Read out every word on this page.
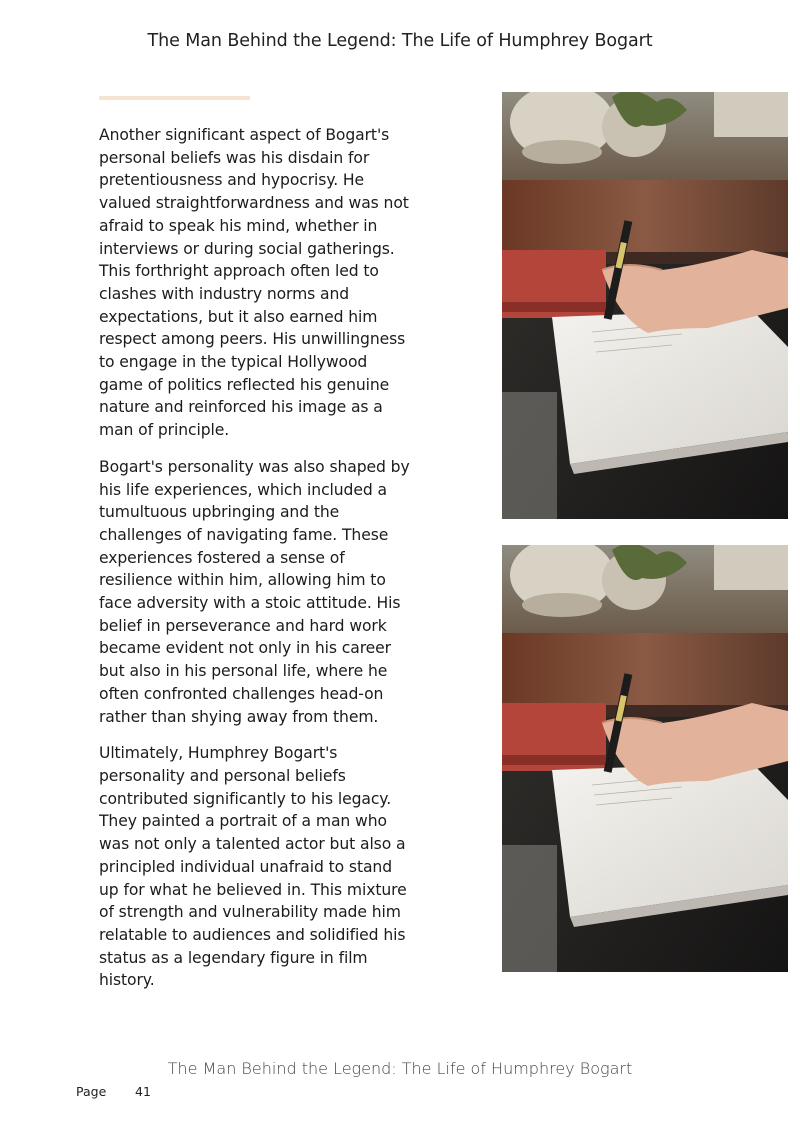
The Man Behind the Legend: The Life of Humphrey Bogart

Another significant aspect of Bogart's personal beliefs was his disdain for pretentiousness and hypocrisy. He valued straightforwardness and was not afraid to speak his mind, whether in interviews or during social gatherings. This forthright approach often led to clashes with industry norms and expectations, but it also earned him respect among peers. His unwillingness to engage in the typical Hollywood game of politics reflected his genuine nature and reinforced his image as a man of principle.

Bogart's personality was also shaped by his life experiences, which included a tumultuous upbringing and the challenges of navigating fame. These experiences fostered a sense of resilience within him, allowing him to face adversity with a stoic attitude. His belief in perseverance and hard work became evident not only in his career but also in his personal life, where he often confronted challenges head-on rather than shying away from them.

Ultimately, Humphrey Bogart's personality and personal beliefs contributed significantly to his legacy. They painted a portrait of a man who was not only a talented actor but also a principled individual unafraid to stand up for what he believed in. This mixture of strength and vulnerability made him relatable to audiences and solidified his status as a legendary figure in film history.

The Man Behind the Legend: The Life of Humphrey Bogart
Page 41
